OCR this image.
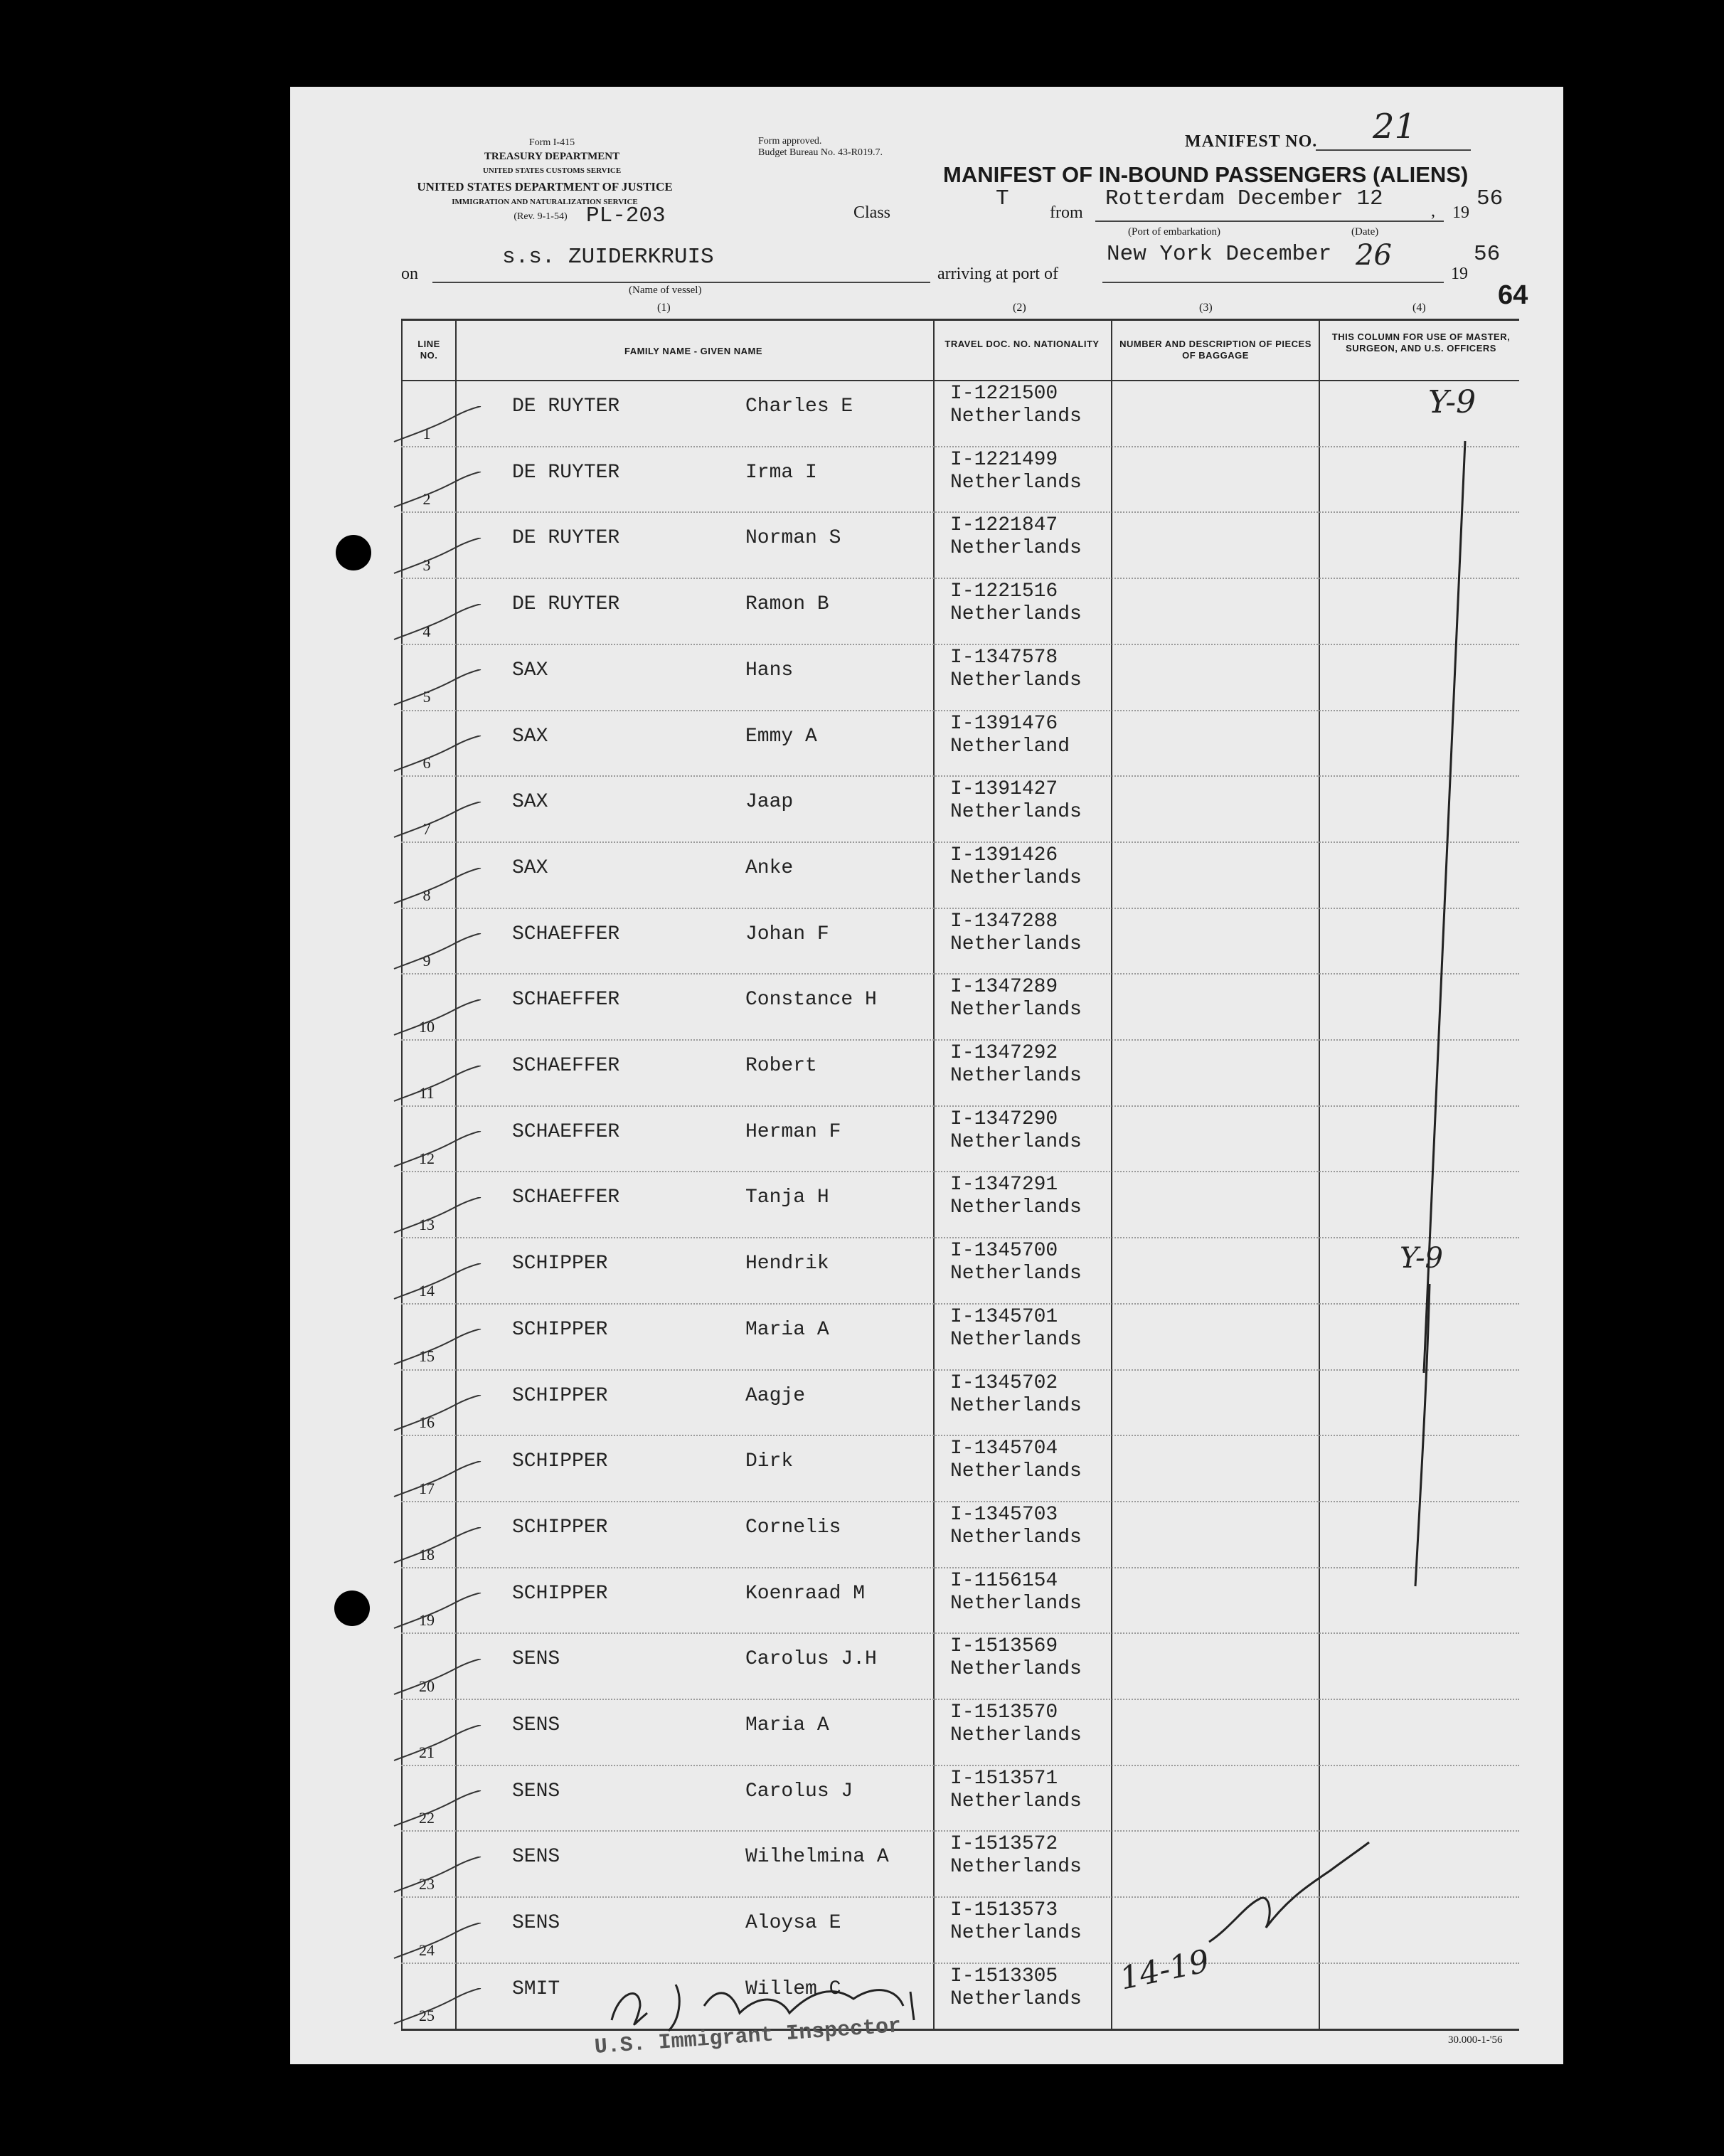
Form I-415
TREASURY DEPARTMENT
UNITED STATES CUSTOMS SERVICE
UNITED STATES DEPARTMENT OF JUSTICE
IMMIGRATION AND NATURALIZATION SERVICE
(Rev. 9-1-54) PL-203
Form approved.
Budget Bureau No. 43-R019.7.
MANIFEST NO. 21
MANIFEST OF IN-BOUND PASSENGERS (ALIENS)
Class
T
from
Rotterdam December 12	, 19
56
(Port of embarkation)	(Date)
on
s.s. ZUIDERKRUIS
(Name of vessel)
arriving at port of
New York December 26
19
56
64
(1)	(2)	(3)	(4)
LINE NO.	FAMILY NAME - GIVEN NAME
TRAVEL DOC. NO. NATIONALITY	NUMBER AND DESCRIPTION OF PIECES OF BAGGAGE
THIS COLUMN FOR USE OF MASTER, SURGEON, AND U.S. OFFICERS
1
DE RUYTER	Charles E
I-1221500
Netherlands
2
DE RUYTER	Irma I
I-1221499
Netherlands
3
DE RUYTER	Norman S
I-1221847
Netherlands
4
DE RUYTER	Ramon B
I-1221516
Netherlands
5
SAX	Hans
I-1347578
Netherlands
6
SAX	Emmy A
I-1391476
Netherland
7
SAX	Jaap
I-1391427
Netherlands
8
SAX	Anke
I-1391426
Netherlands
9
SCHAEFFER	Johan F
I-1347288
Netherlands
10
SCHAEFFER	Constance H
I-1347289
Netherlands
11
SCHAEFFER	Robert
I-1347292
Netherlands
12
SCHAEFFER	Herman F
I-1347290
Netherlands
13
SCHAEFFER	Tanja H
I-1347291
Netherlands
14
SCHIPPER	Hendrik
I-1345700
Netherlands
15
SCHIPPER	Maria A
I-1345701
Netherlands
16
SCHIPPER	Aagje
I-1345702
Netherlands
17
SCHIPPER	Dirk
I-1345704
Netherlands
18
SCHIPPER	Cornelis
I-1345703
Netherlands
19
SCHIPPER	Koenraad M
I-1156154
Netherlands
20
SENS	Carolus J.H
I-1513569
Netherlands
21
SENS	Maria A
I-1513570
Netherlands
22
SENS	Carolus J
I-1513571
Netherlands
23
SENS	Wilhelmina A
I-1513572
Netherlands
24
SENS	Aloysa E
I-1513573
Netherlands
25
SMIT	Willem C
I-1513305
Netherlands
Y-9
Y-9
14-19
U.S. Immigrant Inspector	30.000-1-'56
